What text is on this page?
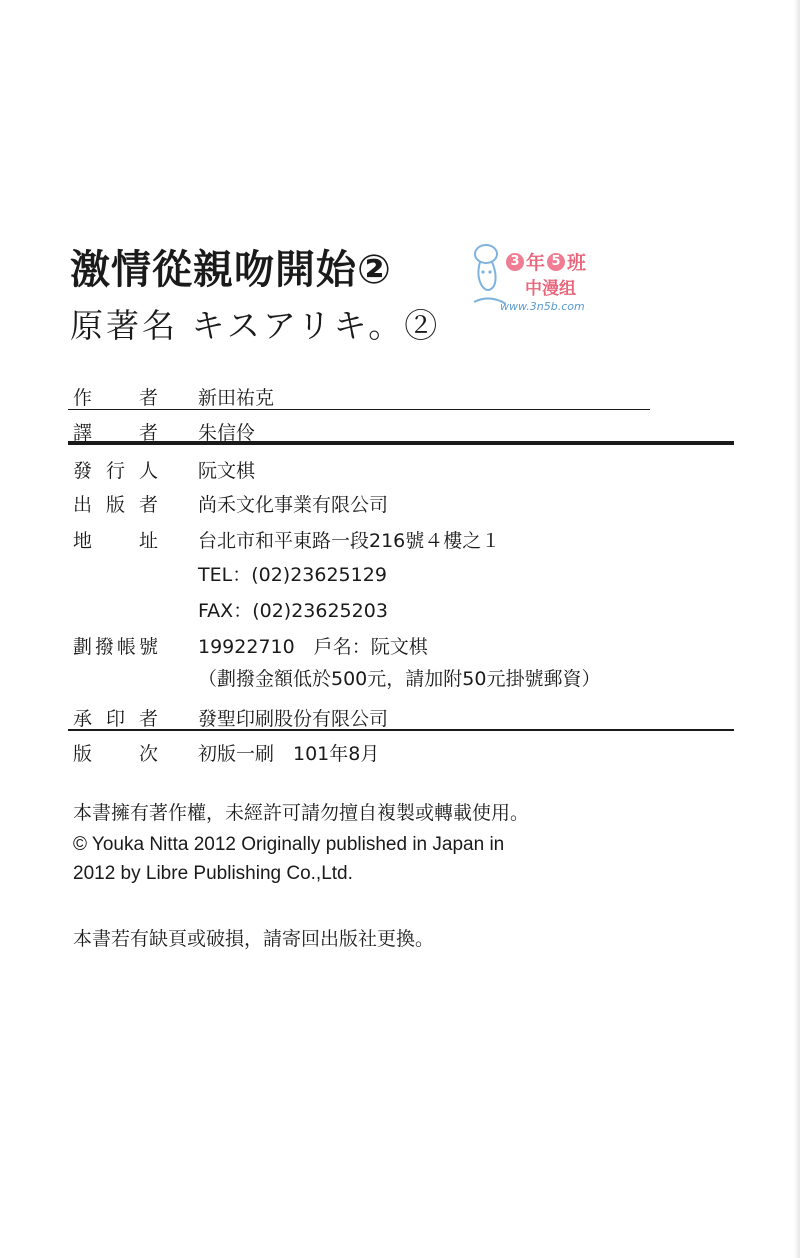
激情從親吻開始②
原著名 キスアリキ。②
3 年 5 班
中漫组
www.3n5b.com
作 者 新田祐克
譯 者 朱信伶
發 行 人 阮文棋
出 版 者 尚禾文化事業有限公司
地 址 台北市和平東路一段216號４樓之１
TEL：(02)23625129
FAX：(02)23625203
劃 撥 帳 號 19922710　戶名：阮文棋
（劃撥金額低於500元，請加附50元掛號郵資）
承 印 者 發聖印刷股份有限公司
版 次 初版一刷　101年8月
本書擁有著作權，未經許可請勿擅自複製或轉載使用。
© Youka Nitta 2012 Originally published in Japan in
2012 by Libre Publishing Co.,Ltd.
本書若有缺頁或破損，請寄回出版社更換。
